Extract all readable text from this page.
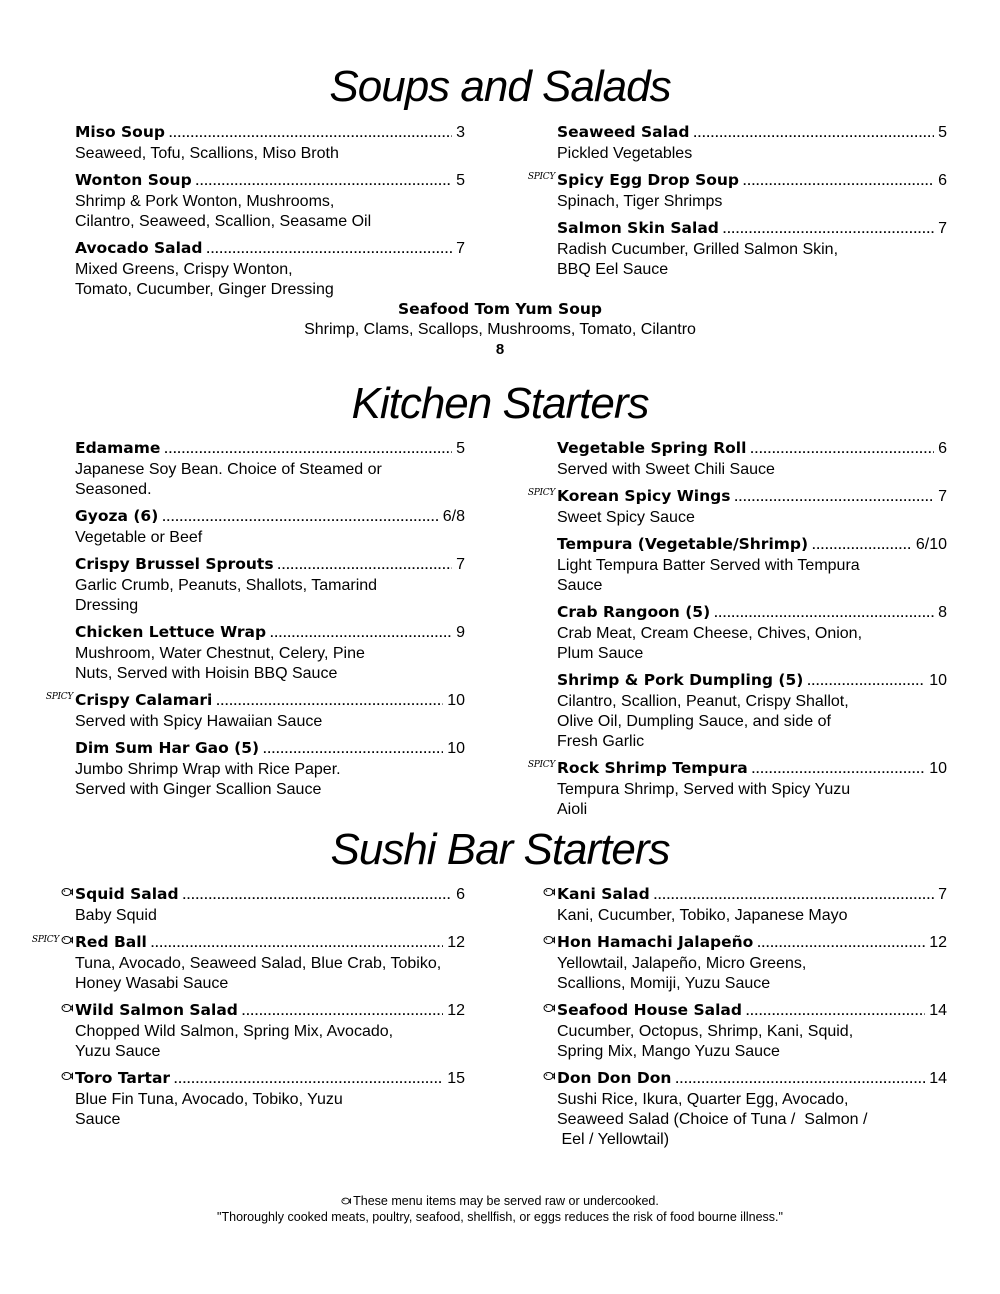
Soups and Salads
Miso Soup .....	3
Seaweed, Tofu, Scallions, Miso Broth
Wonton Soup .....	5
Shrimp & Pork Wonton, Mushrooms,
Cilantro, Seaweed, Scallion, Seasame Oil
Avocado Salad .....	7
Mixed Greens, Crispy Wonton,
Tomato, Cucumber, Ginger Dressing
Seaweed Salad .....	5
Pickled Vegetables
SPICY Spicy Egg Drop Soup .....	6
Spinach, Tiger Shrimps
Salmon Skin Salad .....	7
Radish Cucumber, Grilled Salmon Skin,
BBQ Eel Sauce
Seafood Tom Yum Soup
Shrimp, Clams, Scallops, Mushrooms, Tomato, Cilantro
8
Kitchen Starters
Edamame .....	5
Japanese Soy Bean. Choice of Steamed or
Seasoned.
Gyoza (6) .....	6/8
Vegetable or Beef
Crispy Brussel Sprouts .....	7
Garlic Crumb, Peanuts, Shallots, Tamarind
Dressing
Chicken Lettuce Wrap .....	9
Mushroom, Water Chestnut, Celery, Pine
Nuts, Served with Hoisin BBQ Sauce
SPICY Crispy Calamari .....	10
Served with Spicy Hawaiian Sauce
Dim Sum Har Gao (5) .....	10
Jumbo Shrimp Wrap with Rice Paper.
Served with Ginger Scallion Sauce
Vegetable Spring Roll .....	6
Served with Sweet Chili Sauce
SPICY Korean Spicy Wings .....	7
Sweet Spicy Sauce
Tempura (Vegetable/Shrimp) .....	6/10
Light Tempura Batter Served with Tempura
Sauce
Crab Rangoon (5) .....	8
Crab Meat, Cream Cheese, Chives, Onion,
Plum Sauce
Shrimp & Pork Dumpling (5) .....	10
Cilantro, Scallion, Peanut, Crispy Shallot,
Olive Oil, Dumpling Sauce, and side of
Fresh Garlic
SPICY Rock Shrimp Tempura .....	10
Tempura Shrimp, Served with Spicy Yuzu
Aioli
Sushi Bar Starters
Squid Salad .....	6
Baby Squid
SPICY Red Ball .....	12
Tuna, Avocado, Seaweed Salad, Blue Crab, Tobiko,
Honey Wasabi Sauce
Wild Salmon Salad .....	12
Chopped Wild Salmon, Spring Mix, Avocado,
Yuzu Sauce
Toro Tartar .....	15
Blue Fin Tuna, Avocado, Tobiko, Yuzu
Sauce
Kani Salad .....	7
Kani, Cucumber, Tobiko, Japanese Mayo
Hon Hamachi Jalapeño .....	12
Yellowtail, Jalapeño, Micro Greens,
Scallions, Momiji, Yuzu Sauce
Seafood House Salad .....	14
Cucumber, Octopus, Shrimp, Kani, Squid,
Spring Mix, Mango Yuzu Sauce
Don Don Don .....	14
Sushi Rice, Ikura, Quarter Egg, Avocado,
Seaweed Salad (Choice of Tuna /  Salmon /
Eel / Yellowtail)
These menu items may be served raw or undercooked.
"Thoroughly cooked meats, poultry, seafood, shellfish, or eggs reduces the risk of food bourne illness."
